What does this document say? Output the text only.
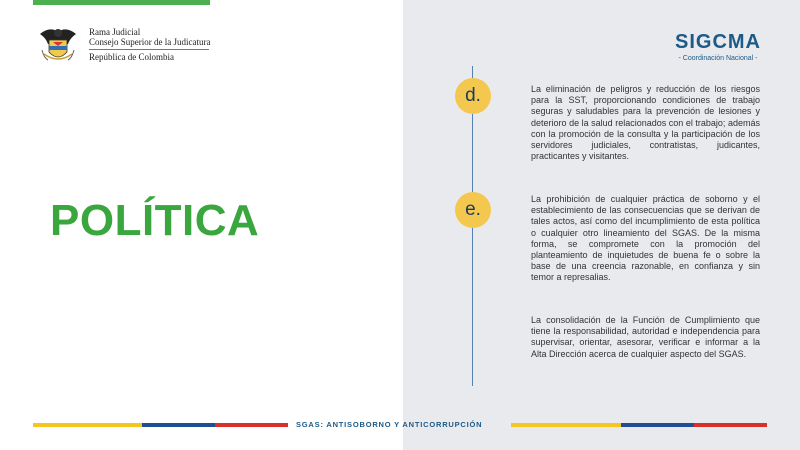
Rama Judicial
Consejo Superior de la Judicatura
República de Colombia
POLÍTICA
SIGCMA
- Coordinación Nacional -
d.
e.
La eliminación de peligros y reducción de los riesgos para la SST, proporcionando condiciones de trabajo seguras y saludables para la prevención de lesiones y deterioro de la salud relacionados con el trabajo; además con la promoción de la consulta y la participación de los servidores judiciales, contratistas, judicantes, practicantes y visitantes.
La prohibición de cualquier práctica de soborno y el establecimiento de las consecuencias que se derivan de tales actos, así como del incumplimiento de esta política o cualquier otro lineamiento del SGAS. De la misma forma, se compromete con la promoción del planteamiento de inquietudes de buena fe o sobre la base de una creencia razonable, en confianza y sin temor a represalias.
La consolidación de la Función de Cumplimiento que tiene la responsabilidad, autoridad e independencia para supervisar, orientar, asesorar, verificar e informar a la Alta Dirección acerca de cualquier aspecto del SGAS.
SGAS: ANTISOBORNO Y ANTICORRUPCIÓN
